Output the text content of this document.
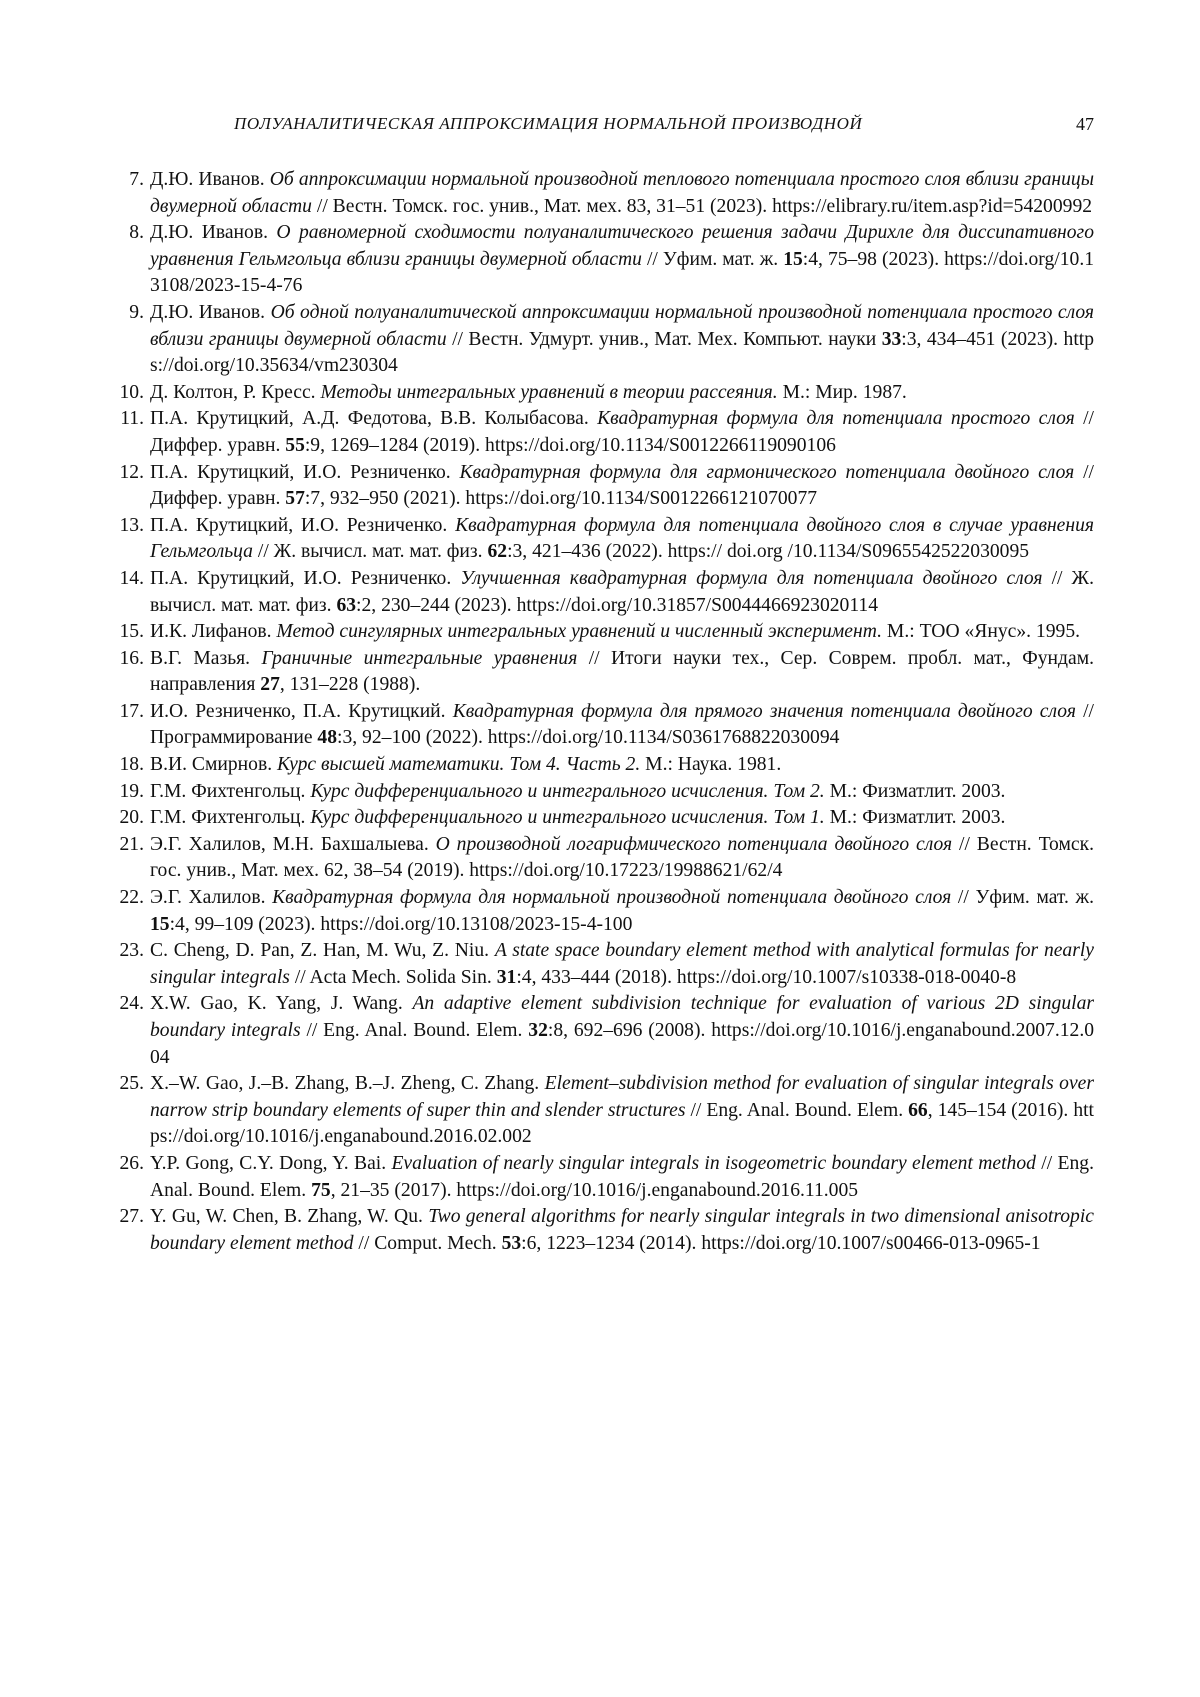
ПОЛУАНАЛИТИЧЕСКАЯ АППРОКСИМАЦИЯ НОРМАЛЬНОЙ ПРОИЗВОДНОЙ	47
7. Д.Ю. Иванов. Об аппроксимации нормальной производной теплового потенциала простого слоя вблизи границы двумерной области // Вестн. Томск. гос. унив., Мат. мех. 83, 31–51 (2023). https://elibrary.ru/item.asp?id=54200992
8. Д.Ю. Иванов. О равномерной сходимости полуаналитического решения задачи Дирихле для диссипативного уравнения Гельмгольца вблизи границы двумерной области // Уфим. мат. ж. 15:4, 75–98 (2023). https://doi.org/10.13108/2023-15-4-76
9. Д.Ю. Иванов. Об одной полуаналитической аппроксимации нормальной производной потенциала простого слоя вблизи границы двумерной области // Вестн. Удмурт. унив., Мат. Мех. Компьют. науки 33:3, 434–451 (2023). https://doi.org/10.35634/vm230304
10. Д. Колтон, Р. Кресс. Методы интегральных уравнений в теории рассеяния. М.: Мир. 1987.
11. П.А. Крутицкий, А.Д. Федотова, В.В. Колыбасова. Квадратурная формула для потенциала простого слоя // Диффер. уравн. 55:9, 1269–1284 (2019). https://doi.org/10.1134/S0012266119090106
12. П.А. Крутицкий, И.О. Резниченко. Квадратурная формула для гармонического потенциала двойного слоя // Диффер. уравн. 57:7, 932–950 (2021). https://doi.org/10.1134/S0012266121070077
13. П.А. Крутицкий, И.О. Резниченко. Квадратурная формула для потенциала двойного слоя в случае уравнения Гельмгольца // Ж. вычисл. мат. мат. физ. 62:3, 421–436 (2022). https:// doi.org /10.1134/S0965542522030095
14. П.А. Крутицкий, И.О. Резниченко. Улучшенная квадратурная формула для потенциала двойного слоя // Ж. вычисл. мат. мат. физ. 63:2, 230–244 (2023). https://doi.org/10.31857/S0044466923020114
15. И.К. Лифанов. Метод сингулярных интегральных уравнений и численный эксперимент. М.: ТОО «Янус». 1995.
16. В.Г. Мазья. Граничные интегральные уравнения // Итоги науки тех., Сер. Соврем. пробл. мат., Фундам. направления 27, 131–228 (1988).
17. И.О. Резниченко, П.А. Крутицкий. Квадратурная формула для прямого значения потенциала двойного слоя // Программирование 48:3, 92–100 (2022). https://doi.org/10.1134/S0361768822030094
18. В.И. Смирнов. Курс высшей математики. Том 4. Часть 2. М.: Наука. 1981.
19. Г.М. Фихтенгольц. Курс дифференциального и интегрального исчисления. Том 2. М.: Физматлит. 2003.
20. Г.М. Фихтенгольц. Курс дифференциального и интегрального исчисления. Том 1. М.: Физматлит. 2003.
21. Э.Г. Халилов, М.Н. Бахшалыева. О производной логарифмического потенциала двойного слоя // Вестн. Томск. гос. унив., Мат. мех. 62, 38–54 (2019). https://doi.org/10.17223/19988621/62/4
22. Э.Г. Халилов. Квадратурная формула для нормальной производной потенциала двойного слоя // Уфим. мат. ж. 15:4, 99–109 (2023). https://doi.org/10.13108/2023-15-4-100
23. C. Cheng, D. Pan, Z. Han, M. Wu, Z. Niu. A state space boundary element method with analytical formulas for nearly singular integrals // Acta Mech. Solida Sin. 31:4, 433–444 (2018). https://doi.org/10.1007/s10338-018-0040-8
24. X.W. Gao, K. Yang, J. Wang. An adaptive element subdivision technique for evaluation of various 2D singular boundary integrals // Eng. Anal. Bound. Elem. 32:8, 692–696 (2008). https://doi.org/10.1016/j.enganabound.2007.12.004
25. X.–W. Gao, J.–B. Zhang, B.–J. Zheng, C. Zhang. Element–subdivision method for evaluation of singular integrals over narrow strip boundary elements of super thin and slender structures // Eng. Anal. Bound. Elem. 66, 145–154 (2016). https://doi.org/10.1016/j.enganabound.2016.02.002
26. Y.P. Gong, C.Y. Dong, Y. Bai. Evaluation of nearly singular integrals in isogeometric boundary element method // Eng. Anal. Bound. Elem. 75, 21–35 (2017). https://doi.org/10.1016/j.enganabound.2016.11.005
27. Y. Gu, W. Chen, B. Zhang, W. Qu. Two general algorithms for nearly singular integrals in two dimensional anisotropic boundary element method // Comput. Mech. 53:6, 1223–1234 (2014). https://doi.org/10.1007/s00466-013-0965-1
